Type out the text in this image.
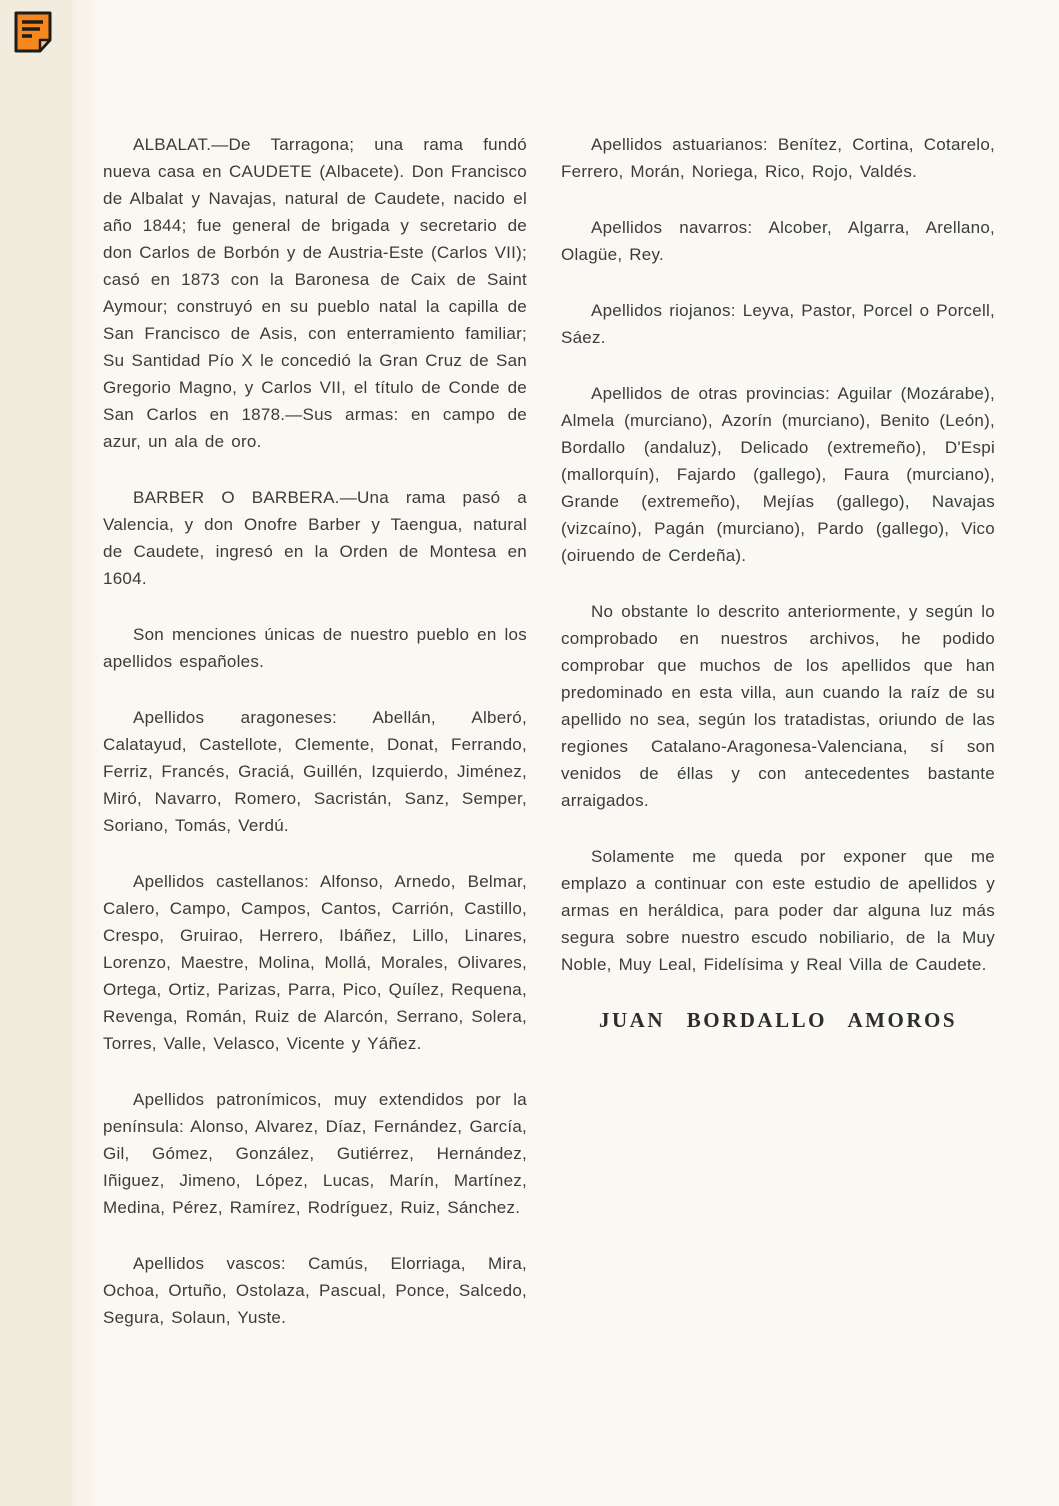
ALBALAT.—De Tarragona; una rama fundó nueva casa en CAUDETE (Albacete). Don Francisco de Albalat y Navajas, natural de Caudete, nacido el año 1844; fue general de brigada y secretario de don Carlos de Borbón y de Austria-Este (Carlos VII); casó en 1873 con la Baronesa de Caix de Saint Aymour; construyó en su pueblo natal la capilla de San Francisco de Asis, con enterramiento familiar; Su Santidad Pío X le concedió la Gran Cruz de San Gregorio Magno, y Carlos VII, el título de Conde de San Carlos en 1878.—Sus armas: en campo de azur, un ala de oro.

BARBER O BARBERA.—Una rama pasó a Valencia, y don Onofre Barber y Taengua, natural de Caudete, ingresó en la Orden de Montesa en 1604.

Son menciones únicas de nuestro pueblo en los apellidos españoles.

Apellidos aragoneses: Abellán, Alberó, Calatayud, Castellote, Clemente, Donat, Ferrando, Ferriz, Francés, Graciá, Guillén, Izquierdo, Jiménez, Miró, Navarro, Romero, Sacristán, Sanz, Semper, Soriano, Tomás, Verdú.

Apellidos castellanos: Alfonso, Arnedo, Belmar, Calero, Campo, Campos, Cantos, Carrión, Castillo, Crespo, Gruirao, Herrero, Ibáñez, Lillo, Linares, Lorenzo, Maestre, Molina, Mollá, Morales, Olivares, Ortega, Ortiz, Parizas, Parra, Pico, Quílez, Requena, Revenga, Román, Ruiz de Alarcón, Serrano, Solera, Torres, Valle, Velasco, Vicente y Yáñez.

Apellidos patronímicos, muy extendidos por la península: Alonso, Alvarez, Díaz, Fernández, García, Gil, Gómez, González, Gutiérrez, Hernández, Iñiguez, Jimeno, López, Lucas, Marín, Martínez, Medina, Pérez, Ramírez, Rodríguez, Ruiz, Sánchez.

Apellidos vascos: Camús, Elorriaga, Mira, Ochoa, Ortuño, Ostolaza, Pascual, Ponce, Salcedo, Segura, Solaun, Yuste.

Apellidos astuarianos: Benítez, Cortina, Cotarelo, Ferrero, Morán, Noriega, Rico, Rojo, Valdés.

Apellidos navarros: Alcober, Algarra, Arellano, Olagüe, Rey.

Apellidos riojanos: Leyva, Pastor, Porcel o Porcell, Sáez.

Apellidos de otras provincias: Aguilar (Mozárabe), Almela (murciano), Azorín (murciano), Benito (León), Bordallo (andaluz), Delicado (extremeño), D'Espi (mallorquín), Fajardo (gallego), Faura (murciano), Grande (extremeño), Mejías (gallego), Navajas (vizcaíno), Pagán (murciano), Pardo (gallego), Vico (oiruendo de Cerdeña).

No obstante lo descrito anteriormente, y según lo comprobado en nuestros archivos, he podido comprobar que muchos de los apellidos que han predominado en esta villa, aun cuando la raíz de su apellido no sea, según los tratadistas, oriundo de las regiones Catalano-Aragonesa-Valenciana, sí son venidos de éllas y con antecedentes bastante arraigados.

Solamente me queda por exponer que me emplazo a continuar con este estudio de apellidos y armas en heráldica, para poder dar alguna luz más segura sobre nuestro escudo nobiliario, de la Muy Noble, Muy Leal, Fidelísima y Real Villa de Caudete.

JUAN BORDALLO AMOROS
